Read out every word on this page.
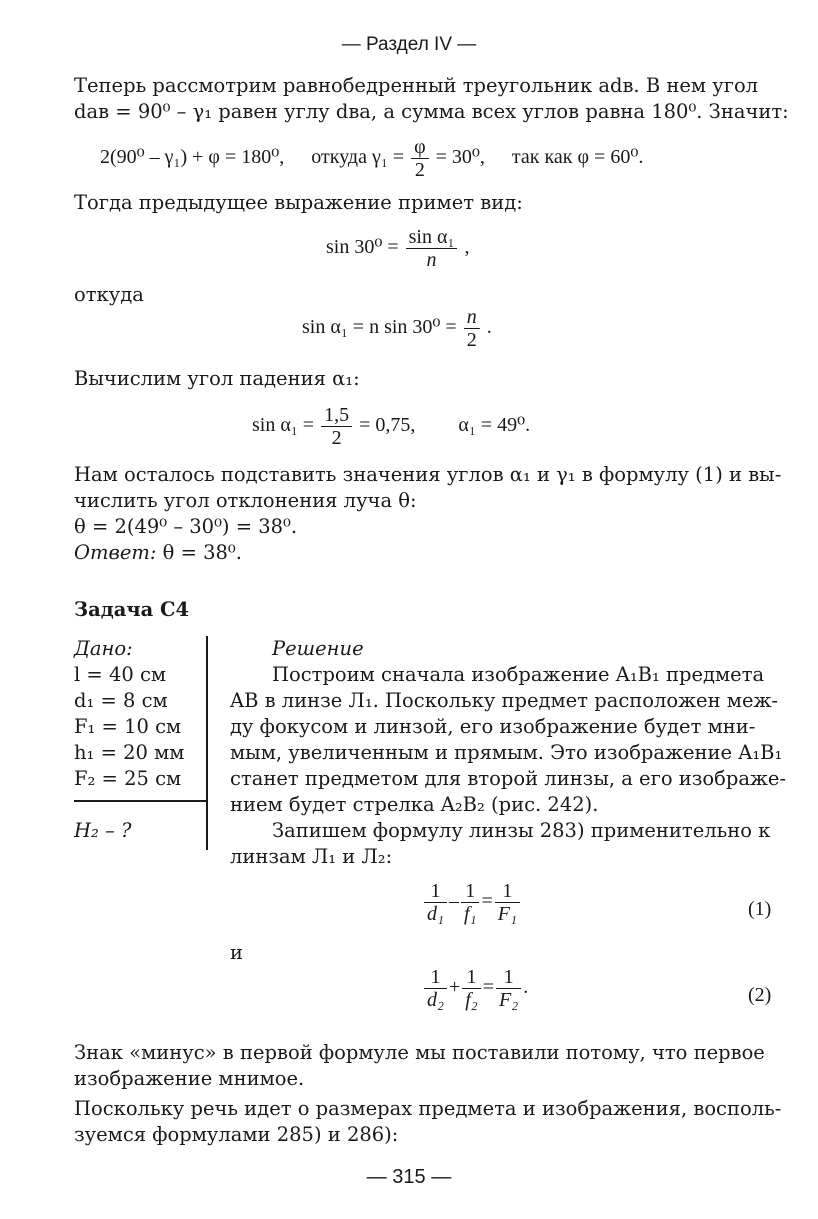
— Раздел IV —
Теперь рассмотрим равнобедренный треугольник adв. В нем угол
daв = 90⁰ – γ₁ равен углу dва, а сумма всех углов равна 180⁰. Значит:
2(90⁰ – γ₁) + φ = 180⁰, откуда $\gamma_1 = \frac{\varphi}{2} = 30^0$, так как φ = 60⁰.
Тогда предыдущее выражение примет вид:
$\sin 30^0 = \frac{\text{sin α₁}}{n}$ ,
откуда
sin α₁ = n $\sin 30^0 = \frac{n}{2}$ .
Вычислим угол падения α₁:
$\sin \alpha_1 = \frac{1,5}{2} = 0,75$, α₁ = 49⁰.
Нам осталось подставить значения углов α₁ и γ₁ в формулу (1) и вы-
числить угол отклонения луча θ:
θ = 2(49⁰ – 30⁰) = 38⁰.
Ответ: θ = 38⁰.
Задача С4
Дано:
l = 40 см
d₁ = 8 см
F₁ = 10 см
h₁ = 20 мм
F₂ = 25 см
H₂ – ?
Решение
Построим сначала изображение A₁B₁ предмета
AB в линзе Л₁. Поскольку предмет расположен меж-
ду фокусом и линзой, его изображение будет мни-
мым, увеличенным и прямым. Это изображение A₁B₁
станет предметом для второй линзы, а его изображе-
нием будет стрелка A₂B₂ (рис. 242).
Запишем формулу линзы 283) применительно к
линзам Л₁ и Л₂:
$\frac{1}{\text{d₁}} - \frac{1}{\text{f₁}} = \frac{1}{\text{F₁}}$	(1)
и
$\frac{1}{\text{d₂}} + \frac{1}{\text{f₂}} = \frac{1}{\text{F₂}}$ .	(2)
Знак «минус» в первой формуле мы поставили потому, что первое
изображение мнимое.
Поскольку речь идет о размерах предмета и изображения, восполь-
зуемся формулами 285) и 286):
— 315 —
